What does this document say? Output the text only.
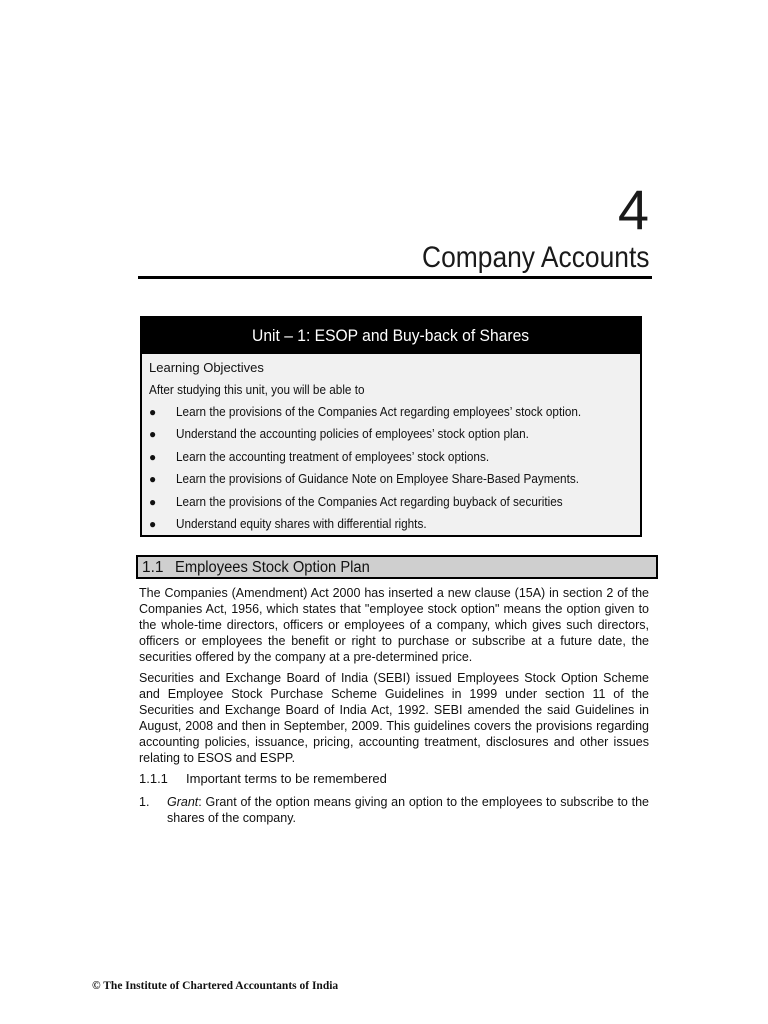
4
Company Accounts
Unit – 1: ESOP and Buy-back of Shares
Learning Objectives
After studying this unit, you will be able to
● Learn the provisions of the Companies Act regarding employees’ stock option.
● Understand the accounting policies of employees’ stock option plan.
● Learn the accounting treatment of employees’ stock options.
● Learn the provisions of Guidance Note on Employee Share-Based Payments.
● Learn the provisions of the Companies Act regarding buyback of securities
● Understand equity shares with differential rights.
1.1 Employees Stock Option Plan

The Companies (Amendment) Act 2000 has inserted a new clause (15A) in section 2 of the Companies Act, 1956, which states that "employee stock option" means the option given to the whole-time directors, officers or employees of a company, which gives such directors, officers or employees the benefit or right to purchase or subscribe at a future date, the securities offered by the company at a pre-determined price.

Securities and Exchange Board of India (SEBI) issued Employees Stock Option Scheme and Employee Stock Purchase Scheme Guidelines in 1999 under section 11 of the Securities and Exchange Board of India Act, 1992. SEBI amended the said Guidelines in August, 2008 and then in September, 2009. This guidelines covers the provisions regarding accounting policies, issuance, pricing, accounting treatment, disclosures and other issues relating to ESOS and ESPP.

1.1.1 Important terms to be remembered
1. Grant: Grant of the option means giving an option to the employees to subscribe to the shares of the company.
© The Institute of Chartered Accountants of India
